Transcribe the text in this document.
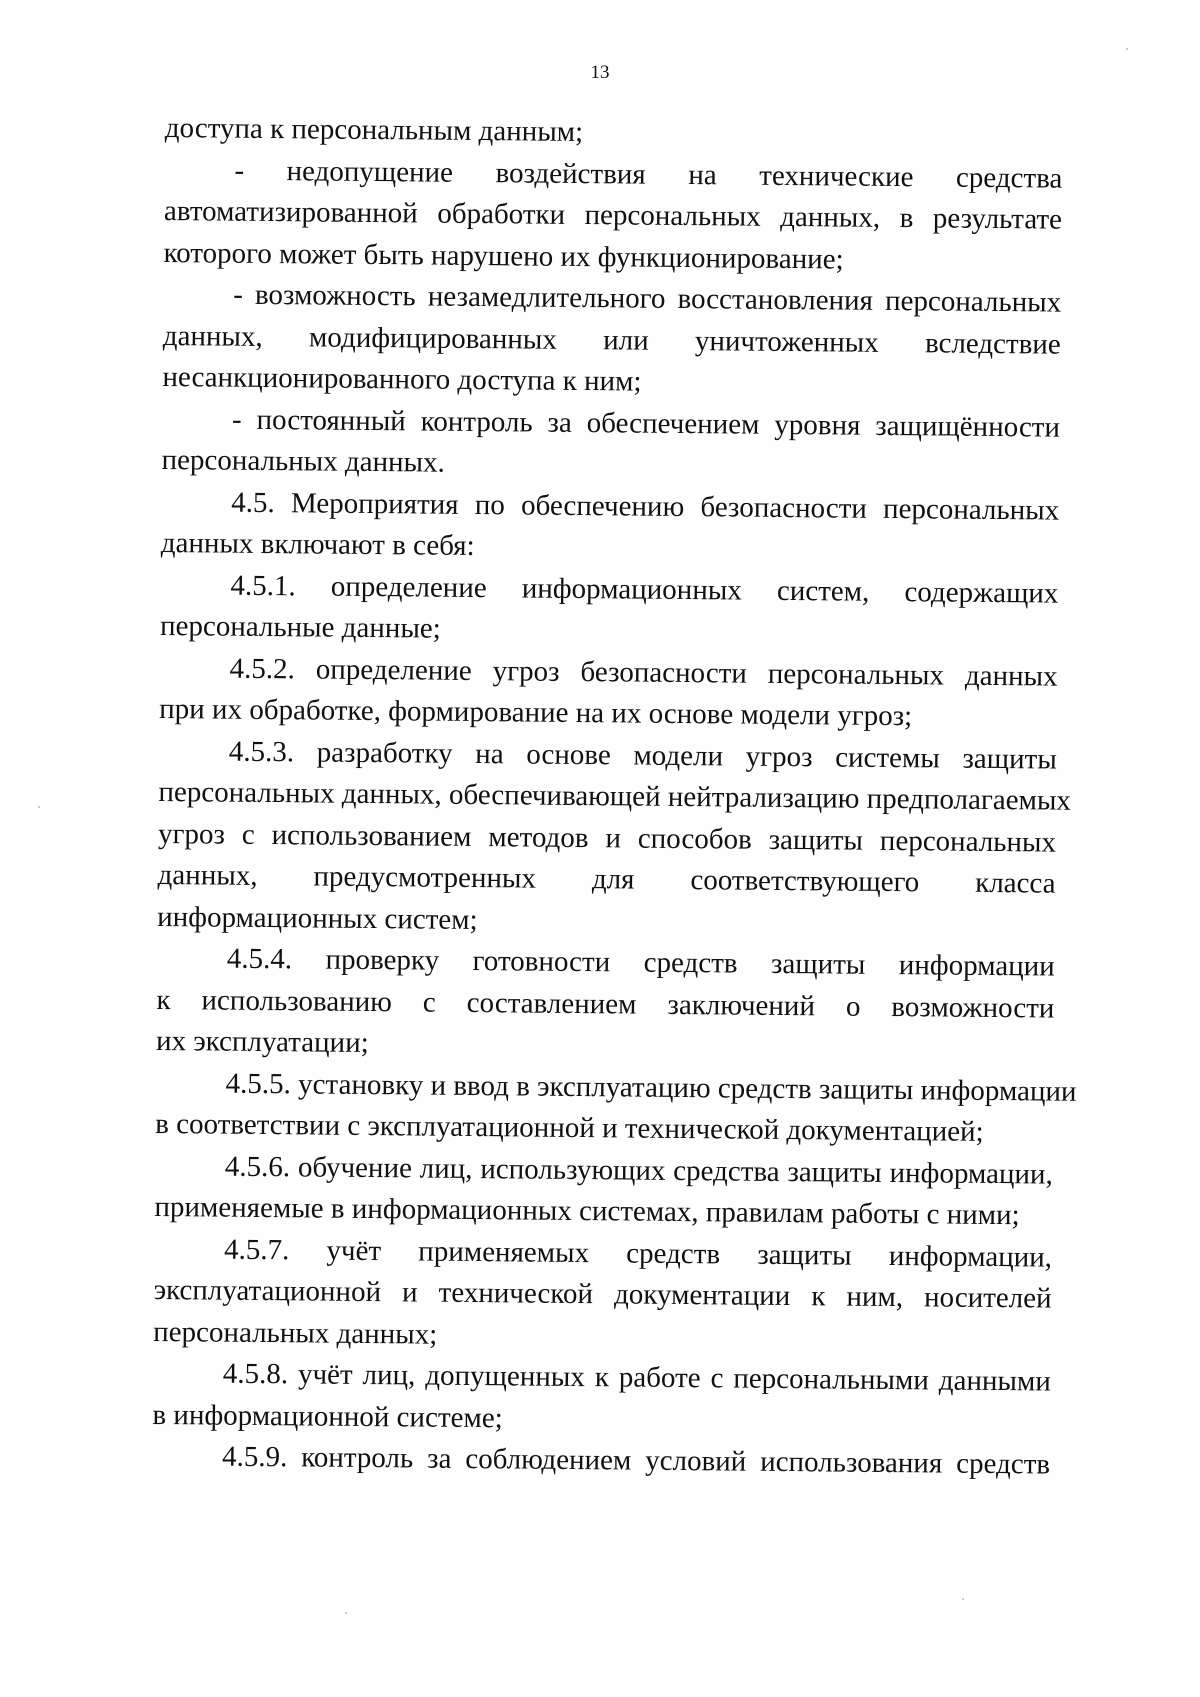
13

доступа к персональным данным;
- недопущение воздействия на технические средства
автоматизированной обработки персональных данных, в результате
которого может быть нарушено их функционирование;
- возможность незамедлительного восстановления персональных
данных, модифицированных или уничтоженных вследствие
несанкционированного доступа к ним;
- постоянный контроль за обеспечением уровня защищённости
персональных данных.
4.5. Мероприятия по обеспечению безопасности персональных
данных включают в себя:
4.5.1. определение информационных систем, содержащих
персональные данные;
4.5.2. определение угроз безопасности персональных данных
при их обработке, формирование на их основе модели угроз;
4.5.3. разработку на основе модели угроз системы защиты
персональных данных, обеспечивающей нейтрализацию предполагаемых
угроз с использованием методов и способов защиты персональных
данных, предусмотренных для соответствующего класса
информационных систем;
4.5.4. проверку готовности средств защиты информации
к использованию с составлением заключений о возможности
их эксплуатации;
4.5.5. установку и ввод в эксплуатацию средств защиты информации
в соответствии с эксплуатационной и технической документацией;
4.5.6. обучение лиц, использующих средства защиты информации,
применяемые в информационных системах, правилам работы с ними;
4.5.7. учёт применяемых средств защиты информации,
эксплуатационной и технической документации к ним, носителей
персональных данных;
4.5.8. учёт лиц, допущенных к работе с персональными данными
в информационной системе;
4.5.9. контроль за соблюдением условий использования средств
